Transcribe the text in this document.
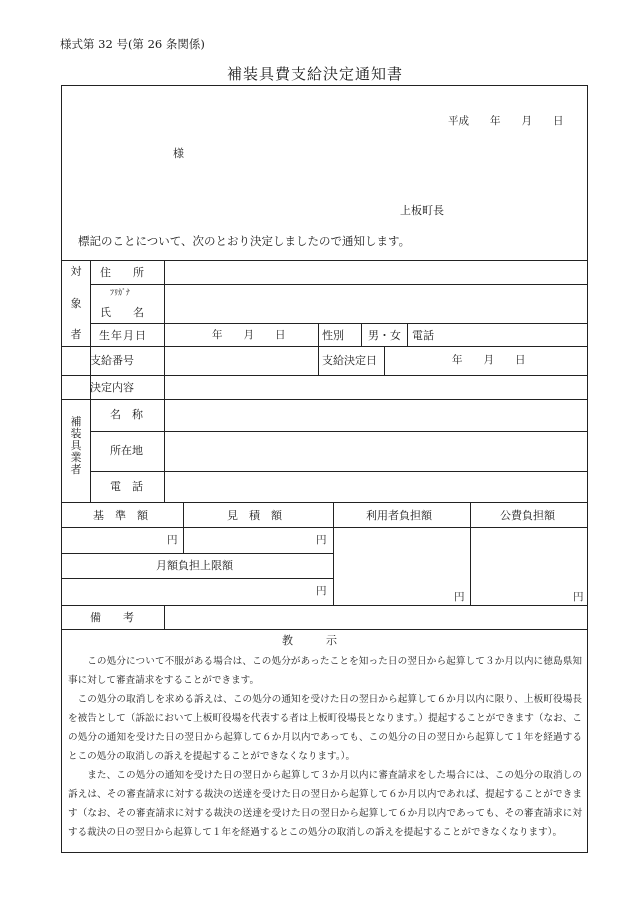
様式第 32 号(第 26 条関係)
補装具費支給決定通知書
平成　　年　　月　　日
様
上板町長
標記のことについて、次のとおり決定しましたので通知します。
対
象
者
住　　所
ﾌﾘｶﾞﾅ
氏　　名
生年月日	年　　月　　日	性別 男・女 電話
支給番号	支給決定日	年　　月　　日
決定内容
補
装
具
業
者
名　称
所在地
電　話
基　準　額	見　積　額	利用者負担額	公費負担額
円	円
月額負担上限額
円	円	円
備　　考
教　　　示

この処分について不服がある場合は、この処分があったことを知った日の翌日から起算して３か月以内に徳島県知事に対して審査請求をすることができます。

この処分の取消しを求める訴えは、この処分の通知を受けた日の翌日から起算して６か月以内に限り、上板町役場長を被告として（訴訟において上板町役場を代表する者は上板町役場長となります。）提起することができます（なお、この処分の通知を受けた日の翌日から起算して６か月以内であっても、この処分の日の翌日から起算して１年を経過するとこの処分の取消しの訴えを提起することができなくなります。）。

また、この処分の通知を受けた日の翌日から起算して３か月以内に審査請求をした場合には、この処分の取消しの訴えは、その審査請求に対する裁決の送達を受けた日の翌日から起算して６か月以内であれば、提起することができます（なお、その審査請求に対する裁決の送達を受けた日の翌日から起算して６か月以内であっても、その審査請求に対する裁決の日の翌日から起算して１年を経過するとこの処分の取消しの訴えを提起することができなくなります）。
